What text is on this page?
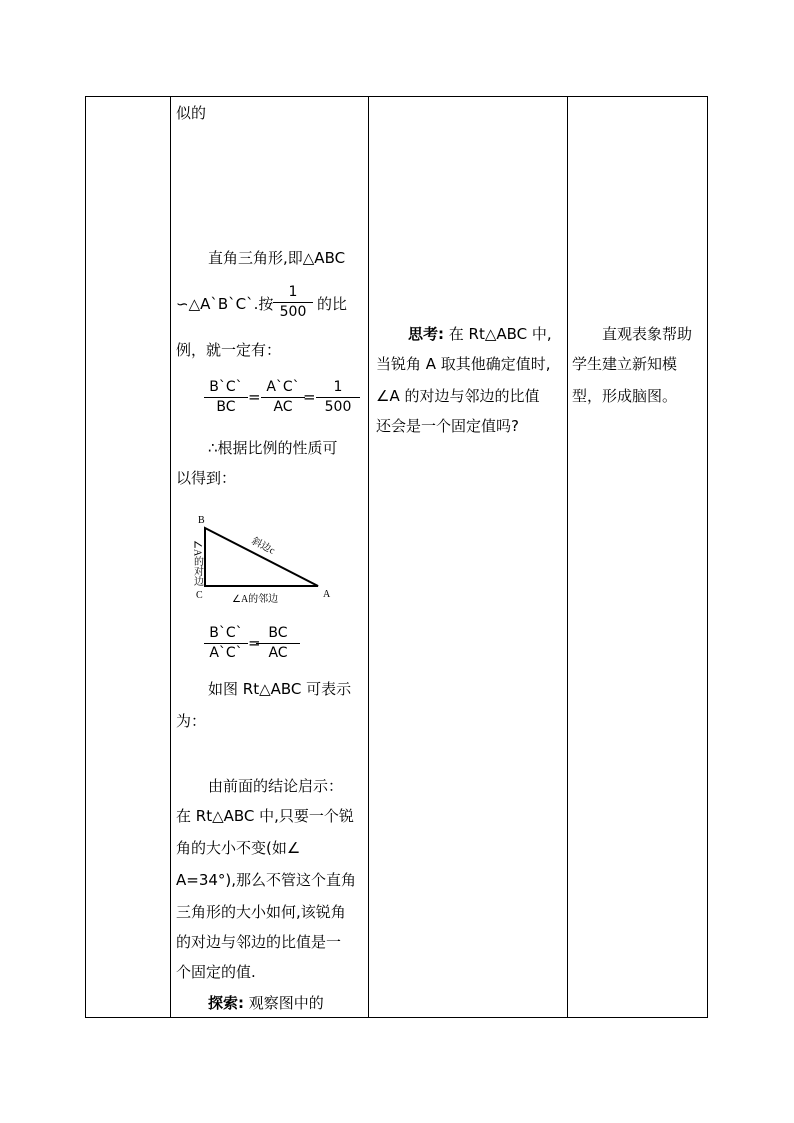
似的
直角三角形,即△ABC
∽△A`B`C`.按
1
500 的比
例，就一定有：
B`C`
BC
=
A`C`
AC
=
1
500
∴根据比例的性质可
以得到：
B
C	A
斜边c
∠A的邻边
∠A的对边
B`C`
A`C`
=
BC
AC
如图 Rt△ABC 可表示
为：
由前面的结论启示：
在 Rt△ABC 中,只要一个锐
角的大小不变(如∠
A=34°),那么不管这个直角
三角形的大小如何,该锐角
的对边与邻边的比值是一
个固定的值.
探索: 观察图中的
思考: 在 Rt△ABC 中,
当锐角 A 取其他确定值时,
∠A 的对边与邻边的比值
还会是一个固定值吗?
直观表象帮助
学生建立新知模
型，形成脑图。
